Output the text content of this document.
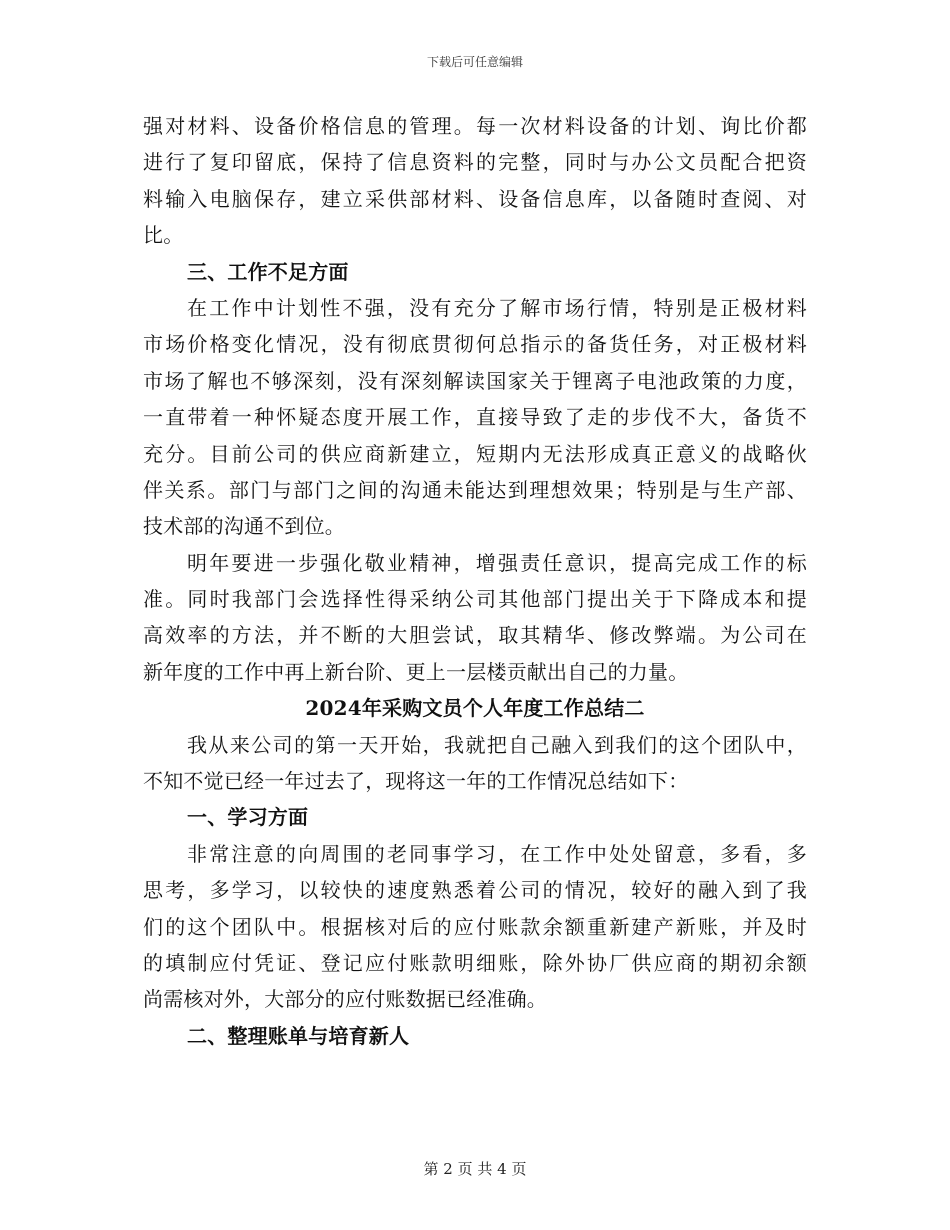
下载后可任意编辑
强对材料、设备价格信息的管理。每一次材料设备的计划、询比价都
进行了复印留底，保持了信息资料的完整，同时与办公文员配合把资
料输入电脑保存，建立采供部材料、设备信息库，以备随时查阅、对
比。
三、工作不足方面
在工作中计划性不强，没有充分了解市场行情，特别是正极材料
市场价格变化情况，没有彻底贯彻何总指示的备货任务，对正极材料
市场了解也不够深刻，没有深刻解读国家关于锂离子电池政策的力度，
一直带着一种怀疑态度开展工作，直接导致了走的步伐不大，备货不
充分。目前公司的供应商新建立，短期内无法形成真正意义的战略伙
伴关系。部门与部门之间的沟通未能达到理想效果；特别是与生产部、
技术部的沟通不到位。
明年要进一步强化敬业精神，增强责任意识，提高完成工作的标
准。同时我部门会选择性得采纳公司其他部门提出关于下降成本和提
高效率的方法，并不断的大胆尝试，取其精华、修改弊端。为公司在
新年度的工作中再上新台阶、更上一层楼贡献出自己的力量。
2024年采购文员个人年度工作总结二
我从来公司的第一天开始，我就把自己融入到我们的这个团队中，
不知不觉已经一年过去了，现将这一年的工作情况总结如下：
一、学习方面
非常注意的向周围的老同事学习，在工作中处处留意，多看，多
思考，多学习，以较快的速度熟悉着公司的情况，较好的融入到了我
们的这个团队中。根据核对后的应付账款余额重新建产新账，并及时
的填制应付凭证、登记应付账款明细账，除外协厂供应商的期初余额
尚需核对外，大部分的应付账数据已经准确。
二、整理账单与培育新人
第 2 页 共 4 页
